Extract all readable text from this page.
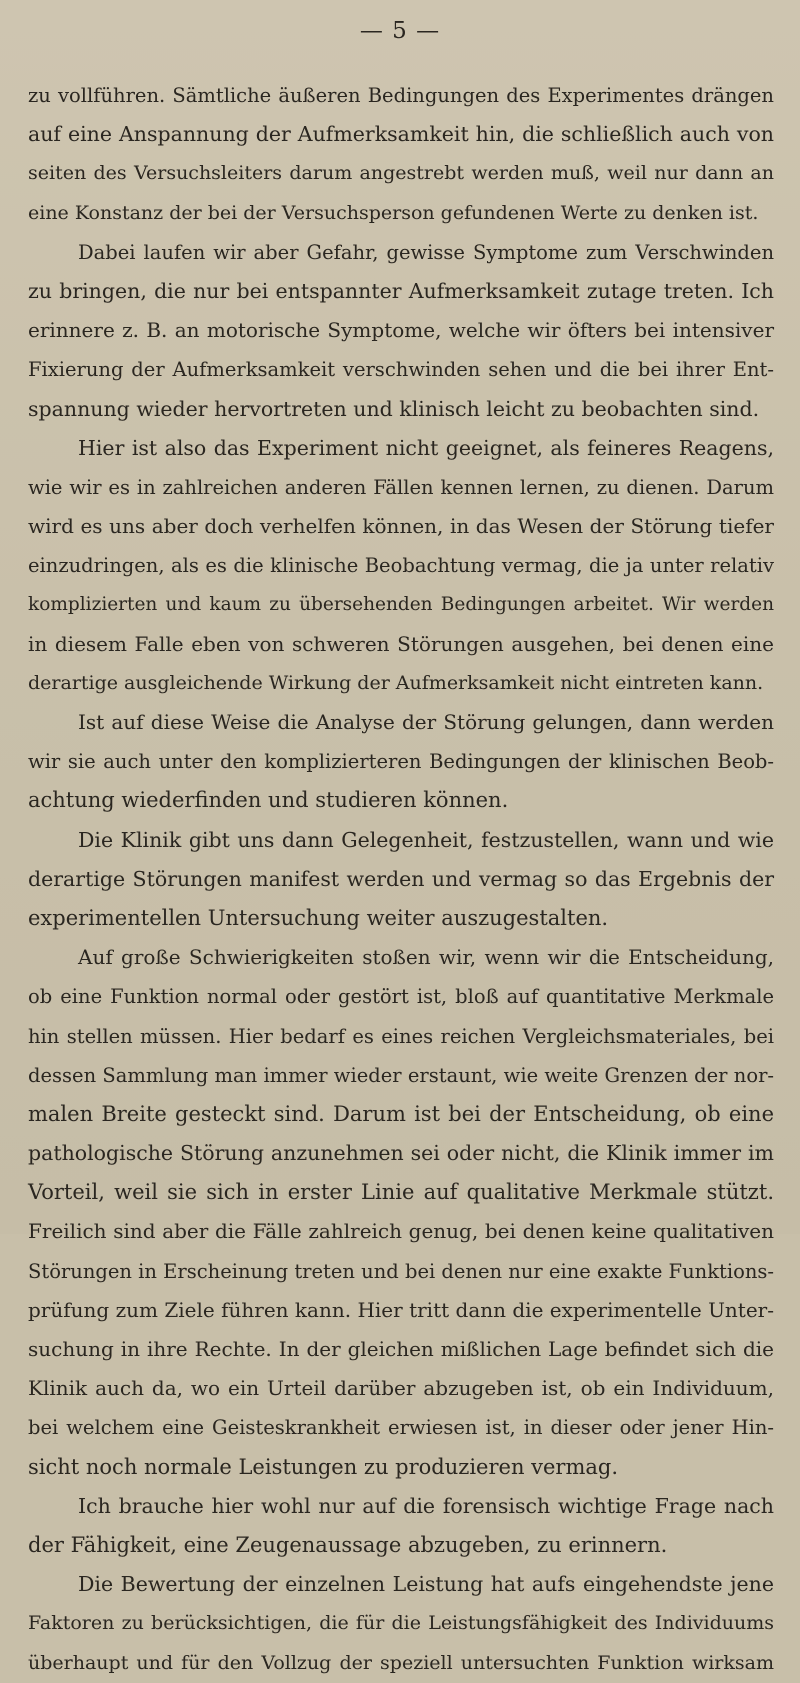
— 5 —
zu vollführen. Sämtliche äußeren Bedingungen des Experimentes drängen
auf eine Anspannung der Aufmerksamkeit hin, die schließlich auch von
seiten des Versuchsleiters darum angestrebt werden muß, weil nur dann an
eine Konstanz der bei der Versuchsperson gefundenen Werte zu denken ist.
Dabei laufen wir aber Gefahr, gewisse Symptome zum Verschwinden
zu bringen, die nur bei entspannter Aufmerksamkeit zutage treten. Ich
erinnere z. B. an motorische Symptome, welche wir öfters bei intensiver
Fixierung der Aufmerksamkeit verschwinden sehen und die bei ihrer Ent-
spannung wieder hervortreten und klinisch leicht zu beobachten sind.
Hier ist also das Experiment nicht geeignet, als feineres Reagens,
wie wir es in zahlreichen anderen Fällen kennen lernen, zu dienen. Darum
wird es uns aber doch verhelfen können, in das Wesen der Störung tiefer
einzudringen, als es die klinische Beobachtung vermag, die ja unter relativ
komplizierten und kaum zu übersehenden Bedingungen arbeitet. Wir werden
in diesem Falle eben von schweren Störungen ausgehen, bei denen eine
derartige ausgleichende Wirkung der Aufmerksamkeit nicht eintreten kann.
Ist auf diese Weise die Analyse der Störung gelungen, dann werden
wir sie auch unter den komplizierteren Bedingungen der klinischen Beob-
achtung wiederfinden und studieren können.
Die Klinik gibt uns dann Gelegenheit, festzustellen, wann und wie
derartige Störungen manifest werden und vermag so das Ergebnis der
experimentellen Untersuchung weiter auszugestalten.
Auf große Schwierigkeiten stoßen wir, wenn wir die Entscheidung,
ob eine Funktion normal oder gestört ist, bloß auf quantitative Merkmale
hin stellen müssen. Hier bedarf es eines reichen Vergleichsmateriales, bei
dessen Sammlung man immer wieder erstaunt, wie weite Grenzen der nor-
malen Breite gesteckt sind. Darum ist bei der Entscheidung, ob eine
pathologische Störung anzunehmen sei oder nicht, die Klinik immer im
Vorteil, weil sie sich in erster Linie auf qualitative Merkmale stützt.
Freilich sind aber die Fälle zahlreich genug, bei denen keine qualitativen
Störungen in Erscheinung treten und bei denen nur eine exakte Funktions-
prüfung zum Ziele führen kann. Hier tritt dann die experimentelle Unter-
suchung in ihre Rechte. In der gleichen mißlichen Lage befindet sich die
Klinik auch da, wo ein Urteil darüber abzugeben ist, ob ein Individuum,
bei welchem eine Geisteskrankheit erwiesen ist, in dieser oder jener Hin-
sicht noch normale Leistungen zu produzieren vermag.
Ich brauche hier wohl nur auf die forensisch wichtige Frage nach
der Fähigkeit, eine Zeugenaussage abzugeben, zu erinnern.
Die Bewertung der einzelnen Leistung hat aufs eingehendste jene
Faktoren zu berücksichtigen, die für die Leistungsfähigkeit des Individuums
überhaupt und für den Vollzug der speziell untersuchten Funktion wirksam
